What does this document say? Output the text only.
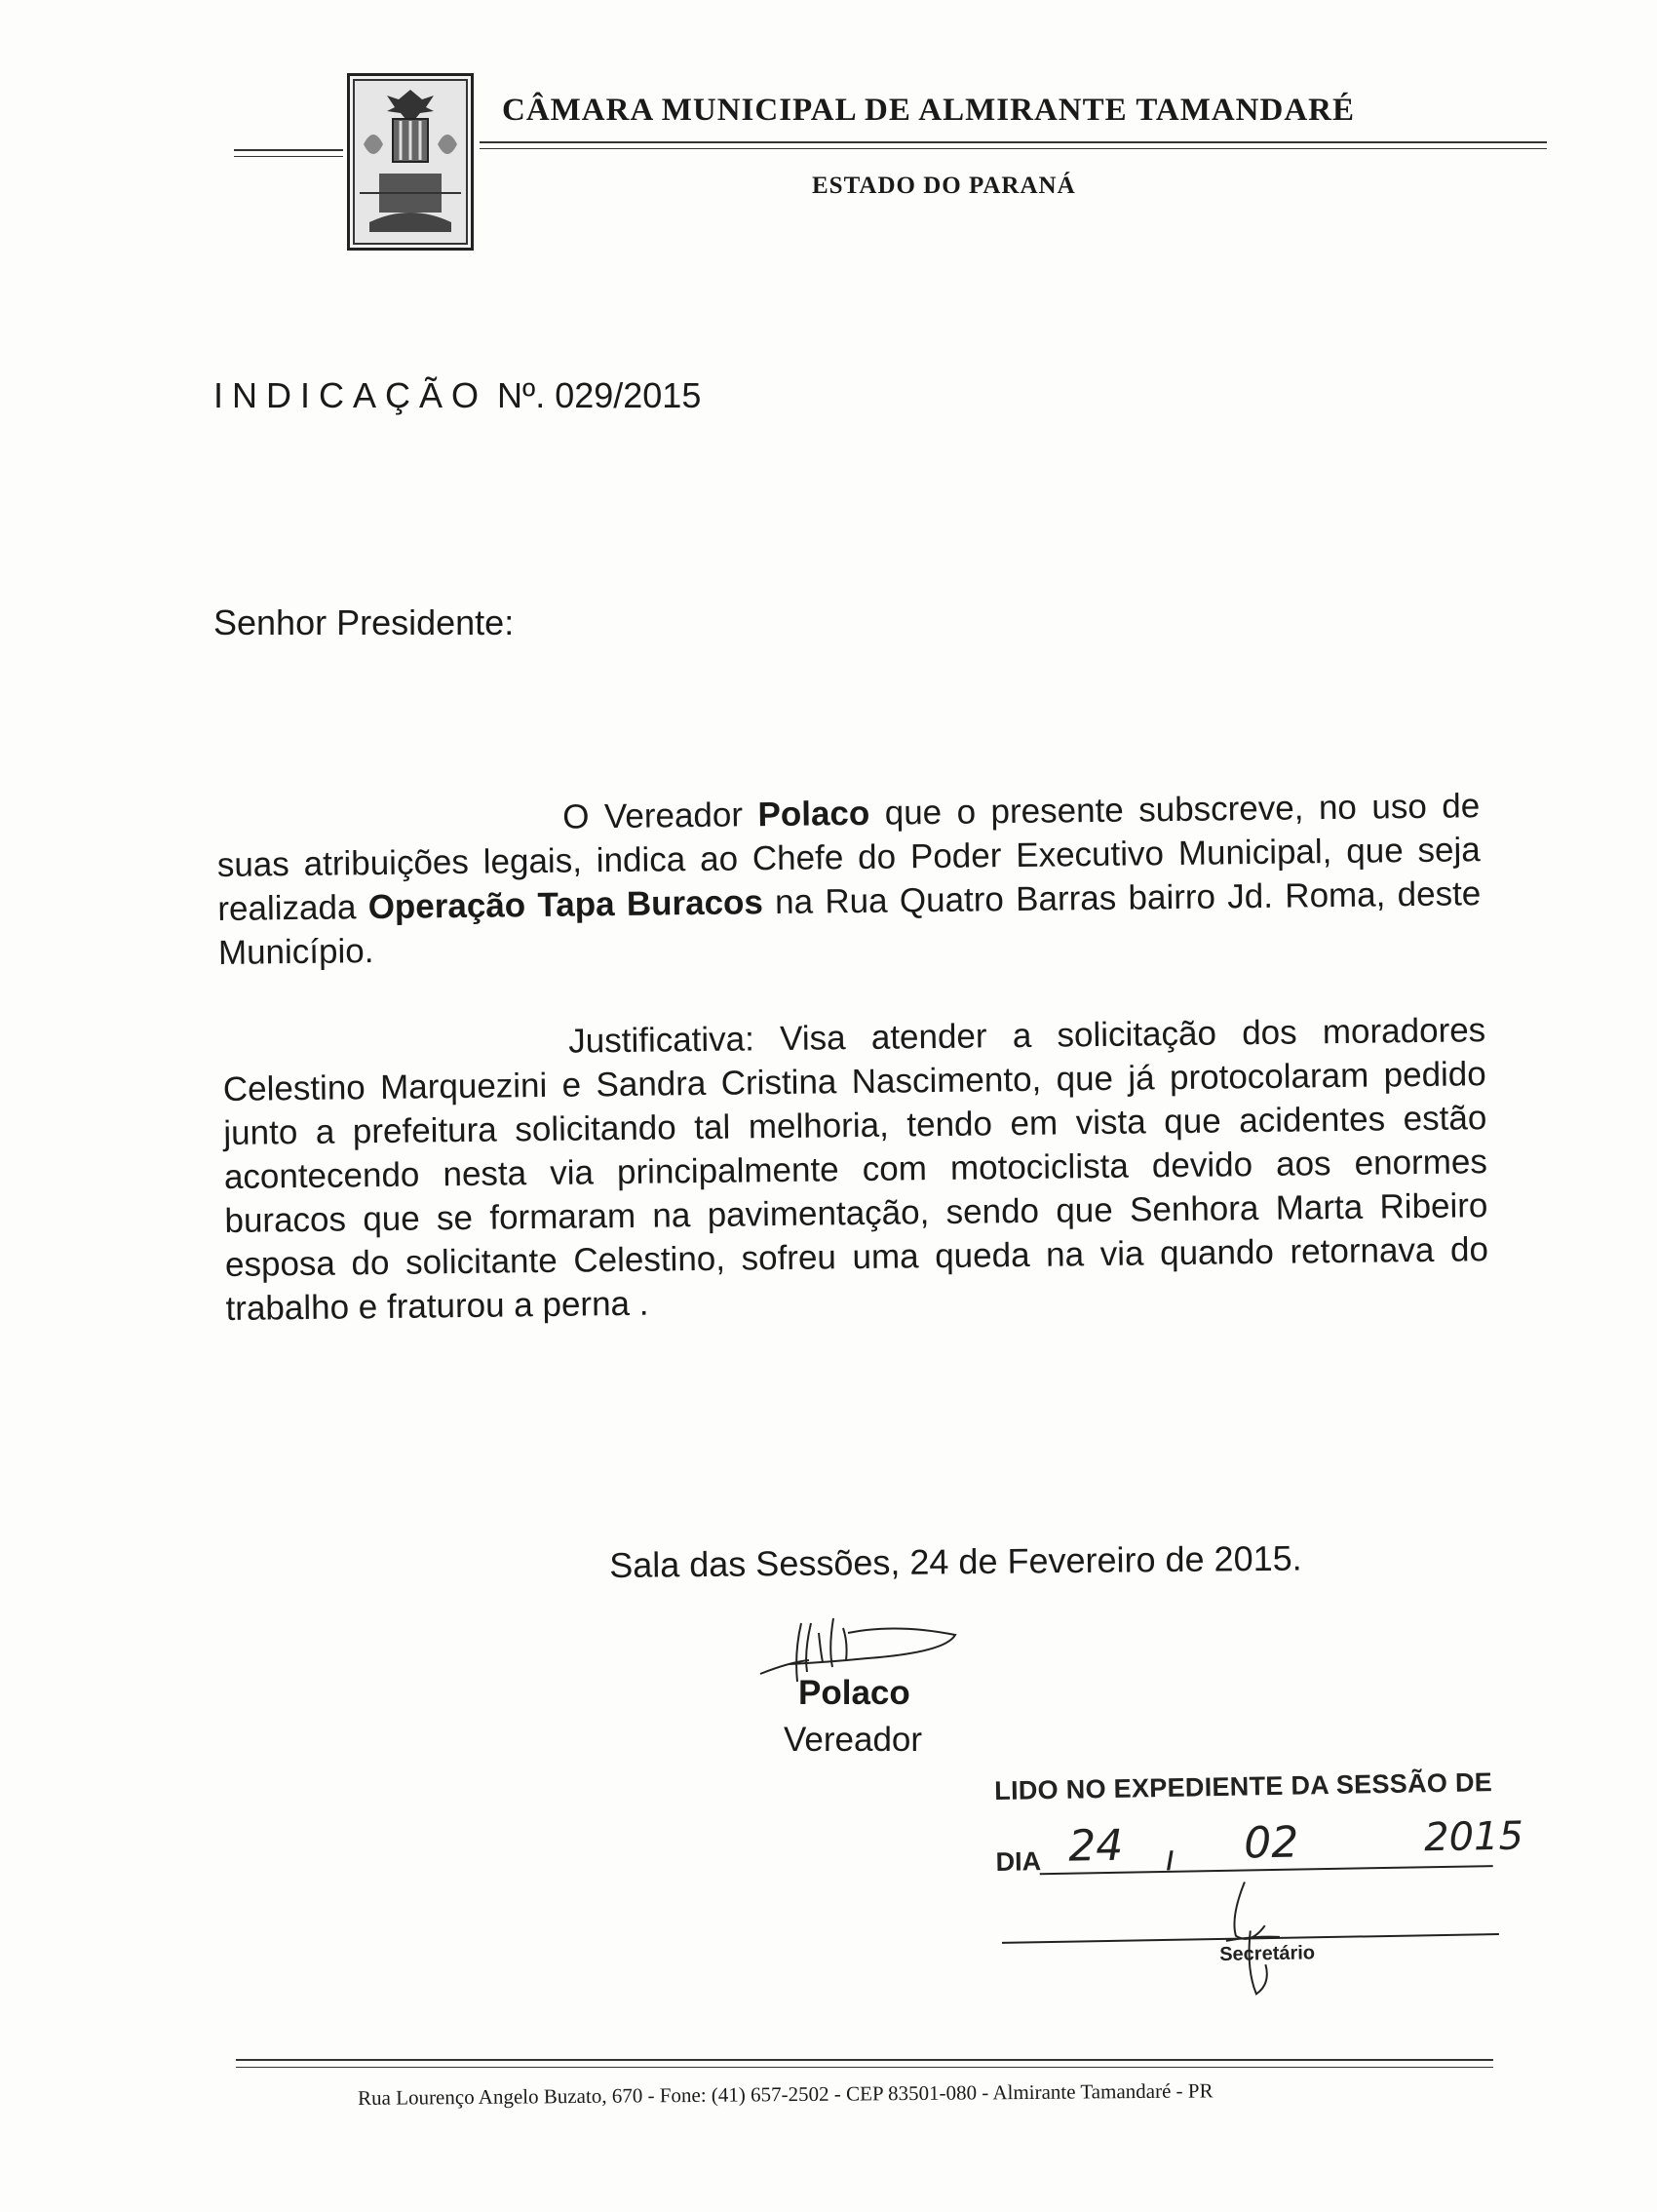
CÂMARA MUNICIPAL DE ALMIRANTE TAMANDARÉ
ESTADO DO PARANÁ
INDICAÇÃO Nº. 029/2015
Senhor Presidente:

O Vereador Polaco que o presente subscreve, no uso de suas atribuições legais, indica ao Chefe do Poder Executivo Municipal, que seja realizada Operação Tapa Buracos na Rua Quatro Barras bairro Jd. Roma, deste Município.

Justificativa: Visa atender a solicitação dos moradores Celestino Marquezini e Sandra Cristina Nascimento, que já protocolaram pedido junto a prefeitura solicitando tal melhoria, tendo em vista que acidentes estão acontecendo nesta via principalmente com motociclista devido aos enormes buracos que se formaram na pavimentação, sendo que Senhora Marta Ribeiro esposa do solicitante Celestino, sofreu uma queda na via quando retornava do trabalho e fraturou a perna .

Sala das Sessões, 24 de Fevereiro de 2015.
Polaco
Vereador
LIDO NO EXPEDIENTE DA SESSÃO DE
DIA	/
24	02	2015
Secretário
Rua Lourenço Angelo Buzato, 670 - Fone: (41) 657-2502 - CEP 83501-080 - Almirante Tamandaré - PR
